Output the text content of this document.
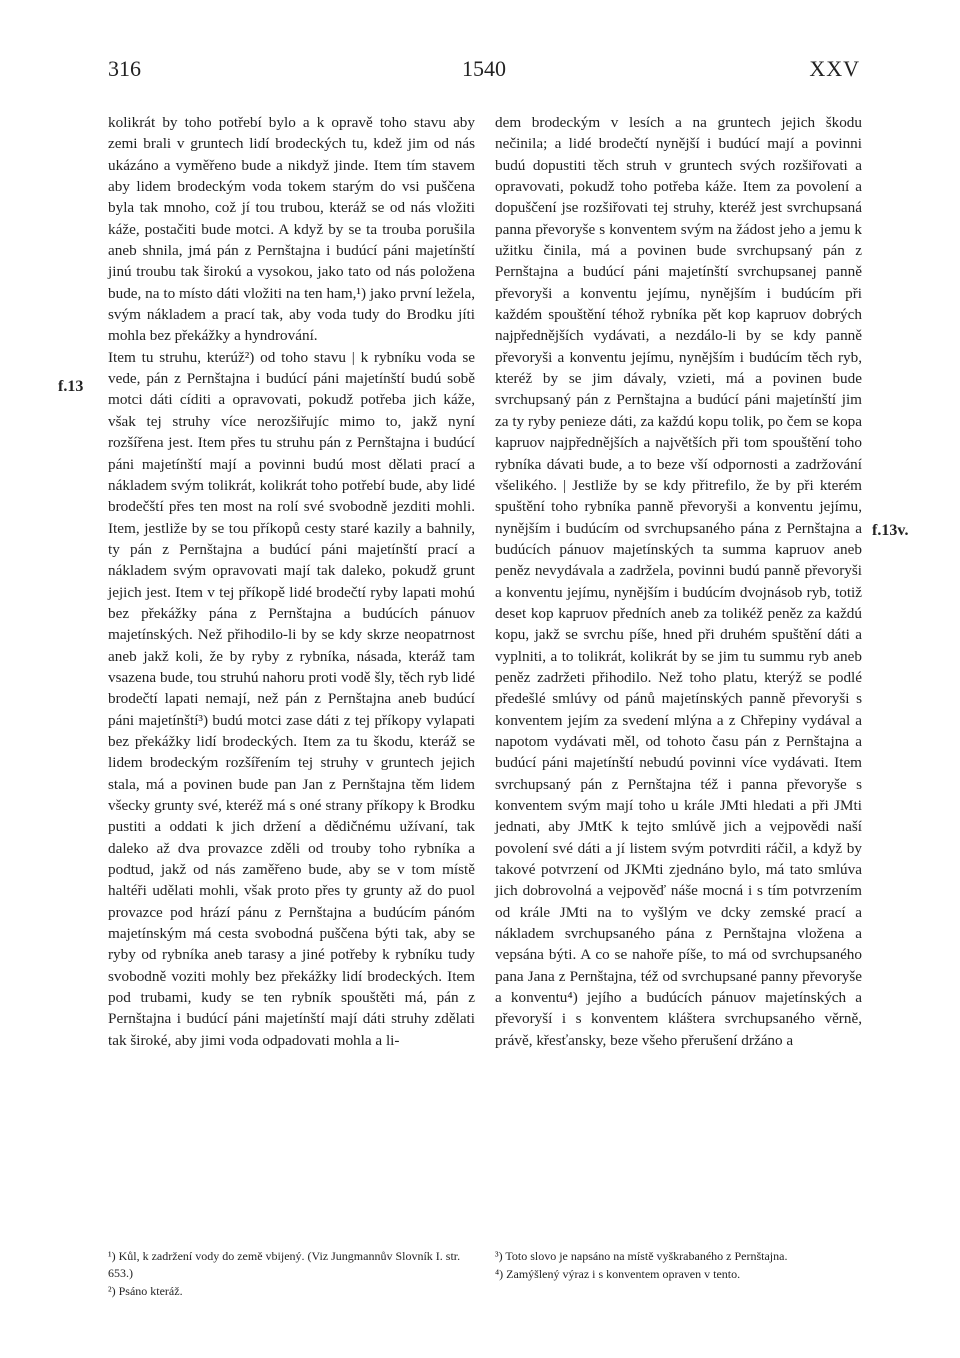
316	1540	XXV
f.13
f.13v.

kolikrát by toho potřebí bylo a k opravě toho stavu aby zemi brali v gruntech lidí brodeckých tu, kdež jim od nás ukázáno a vyměřeno bude a nikdyž jinde. Item tím stavem aby lidem brodeckým voda tokem starým do vsi puščena byla tak mnoho, což jí tou trubou, kteráž se od nás vložiti káže, postačiti bude motci. A když by se ta trouba porušila aneb shnila, jmá pán z Pernštajna i budúcí páni majetínští jinú troubu tak širokú a vysokou, jako tato od nás položena bude, na to místo dáti vložiti na ten ham,¹) jako první ležela, svým nákladem a prací tak, aby voda tudy do Brodku jíti mohla bez překážky a hyndrování.

Item tu struhu, kterúž²) od toho stavu | k rybníku voda se vede, pán z Pernštajna i budúcí páni majetínští budú sobě motci dáti cíditi a opravovati, pokudž potřeba jich káže, však tej struhy více nerozšiřujíc mimo to, jakž nyní rozšířena jest. Item přes tu struhu pán z Pernštajna i budúcí páni majetínští mají a povinni budú most dělati prací a nákladem svým tolikrát, kolikrát toho potřebí bude, aby lidé brodečští přes ten most na rolí své svobodně jezditi mohli. Item, jestliže by se tou příkopů cesty staré kazily a bahnily, ty pán z Pernštajna a budúcí páni majetínští prací a nákladem svým opravovati mají tak daleko, pokudž grunt jejich jest. Item v tej příkopě lidé brodečtí ryby lapati mohú bez překážky pána z Pernštajna a budúcích pánuov majetínských. Než přihodilo-li by se kdy skrze neopatrnost aneb jakž koli, že by ryby z rybníka, násada, kteráž tam vsazena bude, tou struhú nahoru proti vodě šly, těch ryb lidé brodečtí lapati nemají, než pán z Pernštajna aneb budúcí páni majetínští³) budú motci zase dáti z tej příkopy vylapati bez překážky lidí brodeckých. Item za tu škodu, kteráž se lidem brodeckým rozšířením tej struhy v gruntech jejich stala, má a povinen bude pan Jan z Pernštajna těm lidem všecky grunty své, kteréž má s oné strany příkopy k Brodku pustiti a oddati k jich držení a dědičnému užívaní, tak daleko až dva provazce zděli od trouby toho rybníka a podtud, jakž od nás zaměřeno bude, aby se v tom místě haltéři udělati mohli, však proto přes ty grunty až do puol provazce pod hrází pánu z Pernštajna a budúcím pánóm majetínským má cesta svobodná puščena býti tak, aby se ryby od rybníka aneb tarasy a jiné potřeby k rybníku tudy svobodně voziti mohly bez překážky lidí brodeckých. Item pod trubami, kudy se ten rybník spouštěti má, pán z Pernštajna i budúcí páni majetínští mají dáti struhy zdělati tak široké, aby jimi voda odpadovati mohla a li-

dem brodeckým v lesích a na gruntech jejich škodu nečinila; a lidé brodečtí nynější i budúcí mají a povinni budú dopustiti těch struh v gruntech svých rozšiřovati a opravovati, pokudž toho potřeba káže. Item za povolení a dopuščení jse rozšiřovati tej struhy, kteréž jest svrchupsaná panna převoryše s konventem svým na žádost jeho a jemu k užitku činila, má a povinen bude svrchupsaný pán z Pernštajna a budúcí páni majetínští svrchupsanej panně převoryši a konventu jejímu, nynějším i budúcím při každém spouštění téhož rybníka pět kop kapruov dobrých najpřednějších vydávati, a nezdálo-li by se kdy panně převoryši a konventu jejímu, nynějším i budúcím těch ryb, kteréž by se jim dávaly, vzieti, má a povinen bude svrchupsaný pán z Pernštajna a budúcí páni majetínští jim za ty ryby penieze dáti, za každú kopu tolik, po čem se kopa kapruov najpřednějších a najvětších při tom spouštění toho rybníka dávati bude, a to beze vší odpornosti a zadržování všelikého. | Jestliže by se kdy přitrefilo, že by při kterém spuštění toho rybníka panně převoryši a konventu jejímu, nynějším i budúcím od svrchupsaného pána z Pernštajna a budúcích pánuov majetínských ta summa kapruov aneb peněz nevydávala a zadržela, povinni budú panně převoryši a konventu jejímu, nynějším i budúcím dvojnásob ryb, totiž deset kop kapruov předních aneb za tolikéž peněz za každú kopu, jakž se svrchu píše, hned při druhém spuštění dáti a vyplniti, a to tolikrát, kolikrát by se jim tu summu ryb aneb peněz zadržeti přihodilo. Než toho platu, kterýž se podlé předešlé smlúvy od pánů majetínských panně převoryši s konventem jejím za svedení mlýna a z Chřepiny vydával a napotom vydávati měl, od tohoto času pán z Pernštajna a budúcí páni majetínští nebudú povinni více vydávati. Item svrchupsaný pán z Pernštajna též i panna převoryše s konventem svým mají toho u krále JMti hledati a při JMti jednati, aby JMtK k tejto smlúvě jich a vejpovědi naší povolení své dáti a jí listem svým potvrditi ráčil, a když by takové potvrzení od JKMti zjednáno bylo, má tato smlúva jich dobrovolná a vejpověď náše mocná i s tím potvrzením od krále JMti na to vyšlým ve dcky zemské prací a nákladem svrchupsaného pána z Pernštajna vložena a vepsána býti. A co se nahoře píše, to má od svrchupsaného pana Jana z Pernštajna, též od svrchupsané panny převoryše a konventu⁴) jejího a budúcích pánuov majetínských a převoryší i s konventem kláštera svrchupsaného věrně, právě, křesťansky, beze všeho přerušení držáno a

¹) Kůl, k zadržení vody do země vbijený. (Viz Jungmannův Slovník I. str. 653.)
²) Psáno kteráž.
³) Toto slovo je napsáno na místě vyškrabaného z Pernštajna.
⁴) Zamýšlený výraz i s konventem opraven v tento.
